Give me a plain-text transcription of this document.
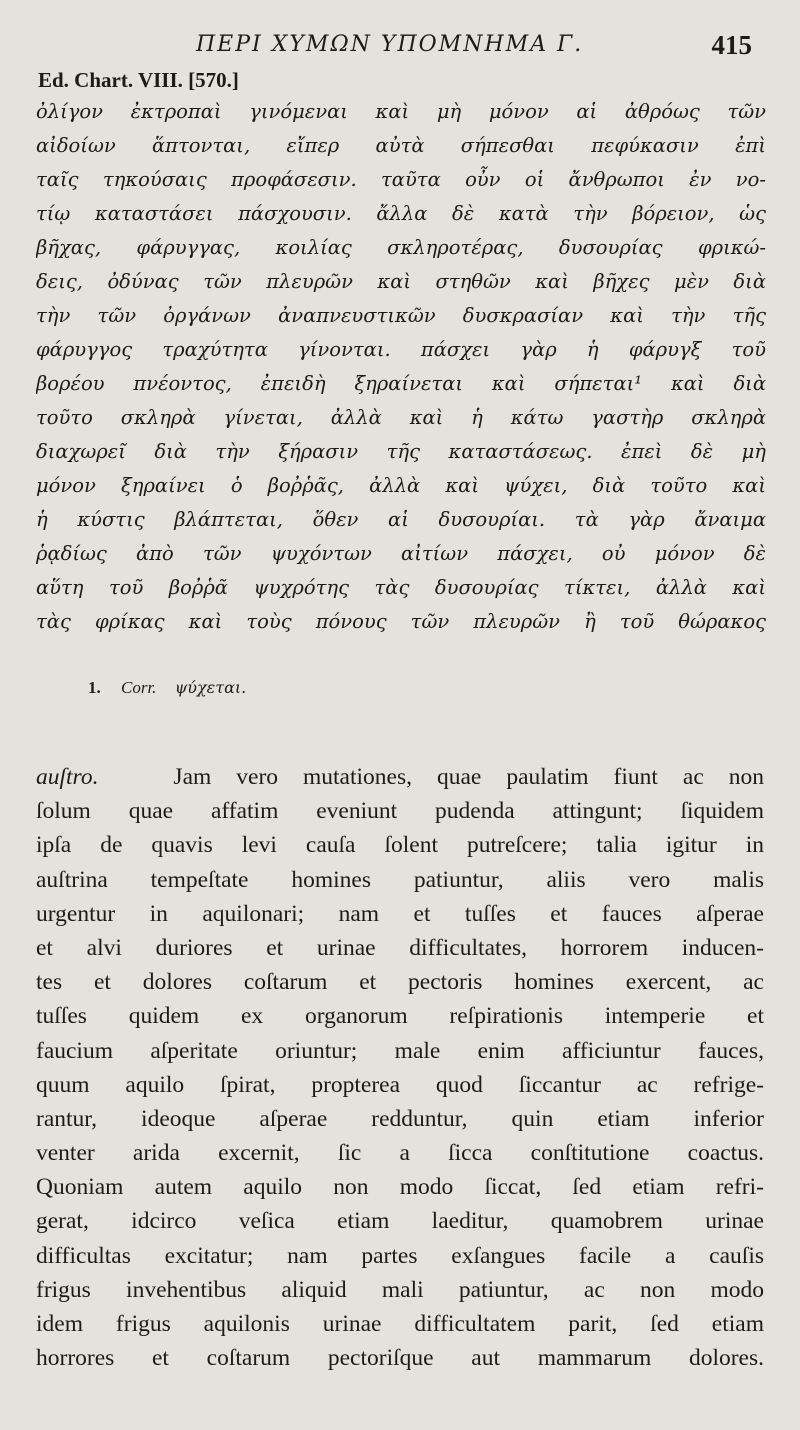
ΠΕΡΙ ΧΥΜΩΝ ΥΠΟΜΝΗΜΑ Γ.	415
Ed. Chart. VIII. [570.]
ὀλίγον ἐκτροπαὶ γινόμεναι καὶ μὴ μόνον αἱ ἀθρόως τῶν
αἰδοίων ἅπτονται, εἴπερ αὐτὰ σήπεσθαι πεφύκασιν ἐπὶ
ταῖς τηκούσαις προφάσεσιν. ταῦτα οὖν οἱ ἄνθρωποι ἐν νο-
τίῳ καταστάσει πάσχουσιν. ἄλλα δὲ κατὰ τὴν βόρειον, ὡς
βῆχας, φάρυγγας, κοιλίας σκληροτέρας, δυσουρίας φρικώ-
δεις, ὀδύνας τῶν πλευρῶν καὶ στηθῶν καὶ βῆχες μὲν διὰ
τὴν τῶν ὀργάνων ἀναπνευστικῶν δυσκρασίαν καὶ τὴν τῆς
φάρυγγος τραχύτητα γίνονται. πάσχει γὰρ ἡ φάρυγξ τοῦ
βορέου πνέοντος, ἐπειδὴ ξηραίνεται καὶ σήπεται¹ καὶ διὰ
τοῦτο σκληρὰ γίνεται, ἀλλὰ καὶ ἡ κάτω γαστὴρ σκληρὰ
διαχωρεῖ διὰ τὴν ξήρασιν τῆς καταστάσεως. ἐπεὶ δὲ μὴ
μόνον ξηραίνει ὁ βοῤῥᾶς, ἀλλὰ καὶ ψύχει, διὰ τοῦτο καὶ
ἡ κύστις βλάπτεται, ὅθεν αἱ δυσουρίαι. τὰ γὰρ ἄναιμα
ῥᾳδίως ἀπὸ τῶν ψυχόντων αἰτίων πάσχει, οὐ μόνον δὲ
αὕτη τοῦ βοῤῥᾶ ψυχρότης τὰς δυσουρίας τίκτει, ἀλλὰ καὶ
τὰς φρίκας καὶ τοὺς πόνους τῶν πλευρῶν ἢ τοῦ θώρακος
1. Corr. ψύχεται.
auſtro.	Jam vero mutationes, quae paulatim fiunt ac non
ſolum quae affatim eveniunt pudenda attingunt; ſiquidem
ipſa de quavis levi cauſa ſolent putreſcere; talia igitur in
auſtrina tempeſtate homines patiuntur, aliis vero malis
urgentur in aquilonari; nam et tuſſes et fauces aſperae
et alvi duriores et urinae difficultates, horrorem inducen-
tes et dolores coſtarum et pectoris homines exercent, ac
tuſſes quidem ex organorum reſpirationis intemperie et
faucium aſperitate oriuntur; male enim afficiuntur fauces,
quum aquilo ſpirat, propterea quod ſiccantur ac refrige-
rantur, ideoque aſperae redduntur, quin etiam inferior
venter arida excernit, ſic a ſicca conſtitutione coactus.
Quoniam autem aquilo non modo ſiccat, ſed etiam refri-
gerat, idcirco veſica etiam laeditur, quamobrem urinae
difficultas excitatur; nam partes exſangues facile a cauſis
frigus invehentibus aliquid mali patiuntur, ac non modo
idem frigus aquilonis urinae difficultatem parit, ſed etiam
horrores et coſtarum pectoriſque aut mammarum dolores.
